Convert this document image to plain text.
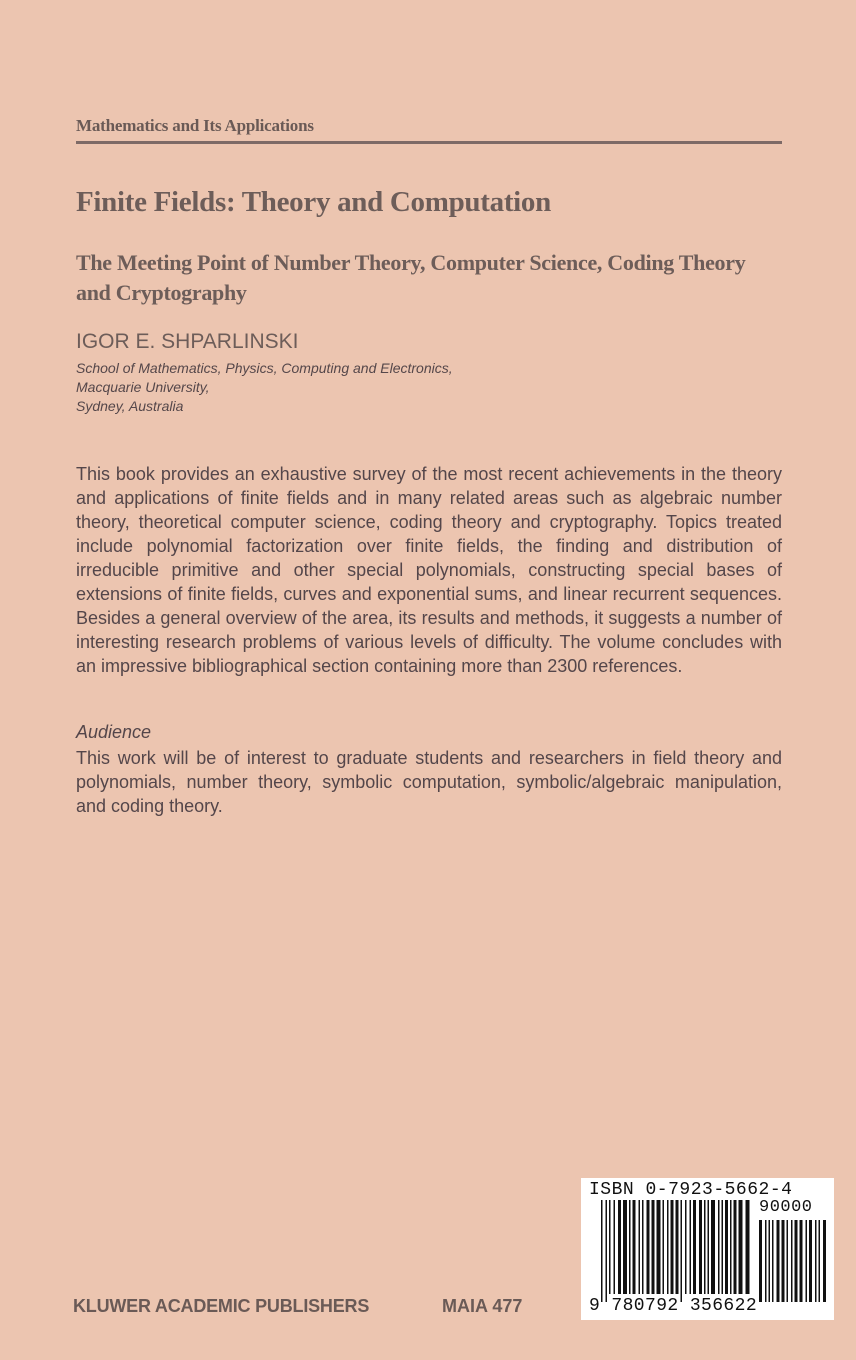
Mathematics and Its Applications
Finite Fields: Theory and Computation
The Meeting Point of Number Theory, Computer Science, Coding Theory and Cryptography
IGOR E. SHPARLINSKI
School of Mathematics, Physics, Computing and Electronics,
Macquarie University,
Sydney, Australia
This book provides an exhaustive survey of the most recent achievements in the theory and applications of finite fields and in many related areas such as algebraic number theory, theoretical computer science, coding theory and cryptography. Topics treated include polynomial factorization over finite fields, the finding and distribution of irreducible primitive and other special polynomials, constructing special bases of extensions of finite fields, curves and exponential sums, and linear recurrent sequences. Besides a general overview of the area, its results and methods, it suggests a number of interesting research problems of various levels of difficulty. The volume concludes with an impressive bibliographical section containing more than 2300 references.
Audience
This work will be of interest to graduate students and researchers in field theory and polynomials, number theory, symbolic computation, symbolic/algebraic manipulation, and coding theory.
KLUWER ACADEMIC PUBLISHERS	MAIA 477
ISBN 0-7923-5662-4
90000
9 780792 356622
